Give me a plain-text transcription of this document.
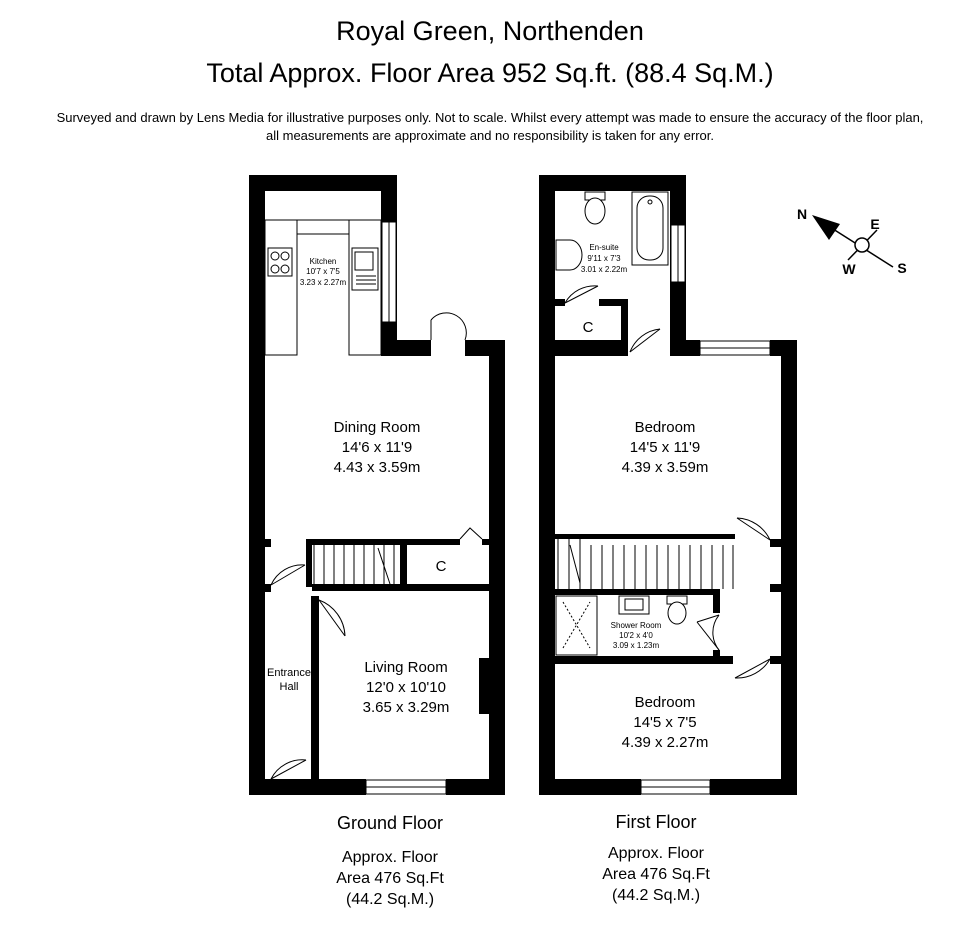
Royal Green, Northenden
Total Approx. Floor Area 952 Sq.ft. (88.4 Sq.M.)
Surveyed and drawn by Lens Media for illustrative purposes only. Not to scale. Whilst every attempt was made to ensure the accuracy of the floor plan,
all measurements are approximate and no responsibility is taken for any error.
Kitchen
10'7 x 7'5
3.23 x 2.27m
Dining Room
14'6 x 11'9
4.43 x 3.59m
C
Entrance
Hall
Living Room
12'0 x 10'10
3.65 x 3.29m
Ground Floor
Approx. Floor
Area 476 Sq.Ft
(44.2 Sq.M.)
En-suite
9'11 x 7'3
3.01 x 2.22m
C
Bedroom
14'5 x 11'9
4.39 x 3.59m
Shower Room
10'2 x 4'0
3.09 x 1.23m
Bedroom
14'5 x 7'5
4.39 x 2.27m
First Floor
Approx. Floor
Area 476 Sq.Ft
(44.2 Sq.M.)
N
E
W	S
